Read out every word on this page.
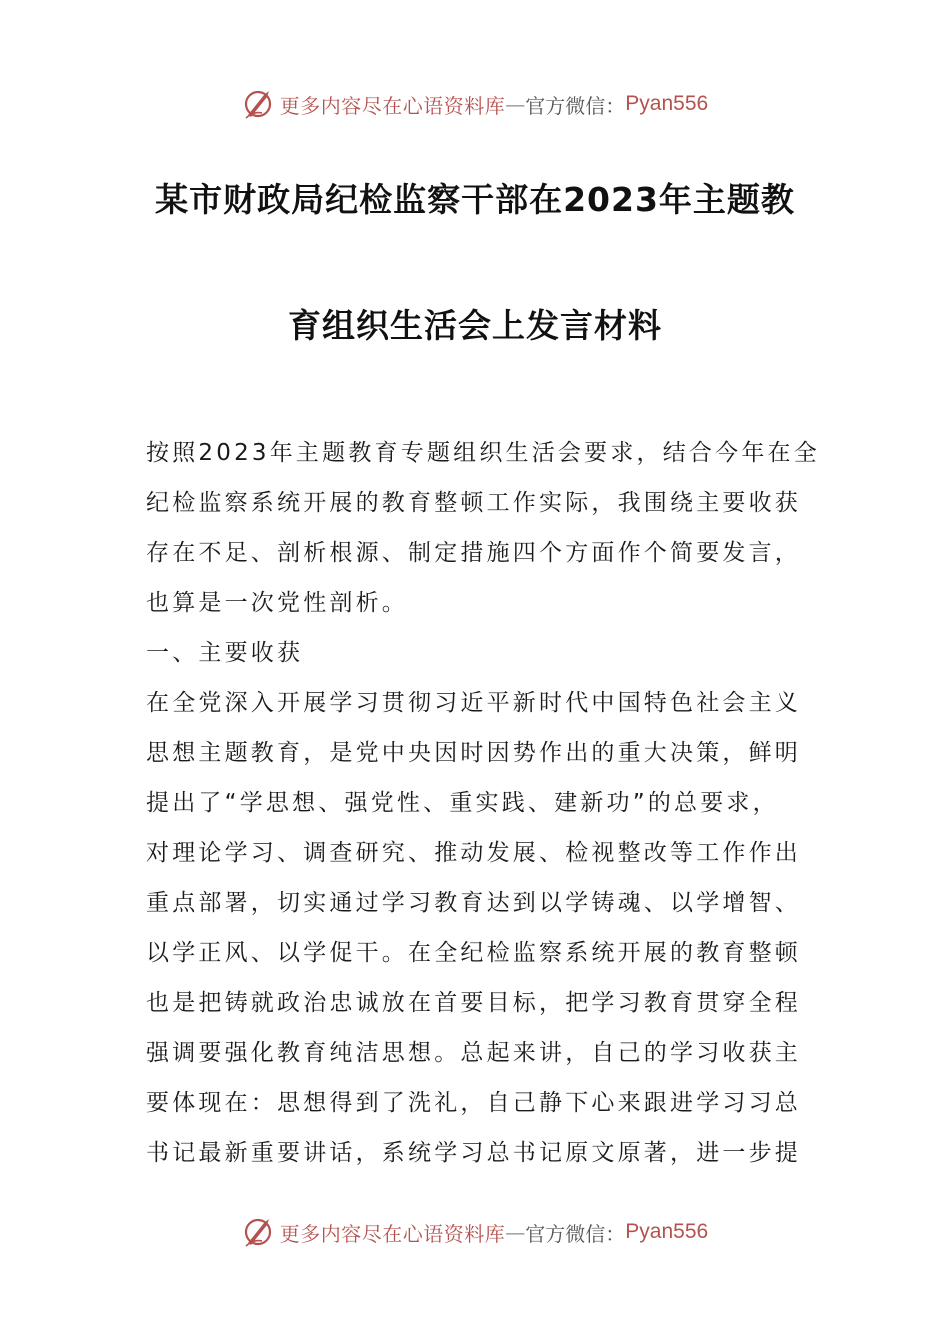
更多内容尽在心语资料库 — 官方微信： Pyan556
某市财政局纪检监察干部在2023年主题教
育组织生活会上发言材料
按照2023年主题教育专题组织生活会要求，结合今年在全
纪检监察系统开展的教育整顿工作实际，我围绕主要收获
存在不足、剖析根源、制定措施四个方面作个简要发言，
也算是一次党性剖析。
一、主要收获
在全党深入开展学习贯彻习近平新时代中国特色社会主义
思想主题教育，是党中央因时因势作出的重大决策，鲜明
提出了“学思想、强党性、重实践、建新功”的总要求，
对理论学习、调查研究、推动发展、检视整改等工作作出
重点部署，切实通过学习教育达到以学铸魂、以学增智、
以学正风、以学促干。在全纪检监察系统开展的教育整顿
也是把铸就政治忠诚放在首要目标，把学习教育贯穿全程
强调要强化教育纯洁思想。总起来讲，自己的学习收获主
要体现在：思想得到了洗礼，自己静下心来跟进学习习总
书记最新重要讲话，系统学习总书记原文原著，进一步提
更多内容尽在心语资料库 — 官方微信： Pyan556
